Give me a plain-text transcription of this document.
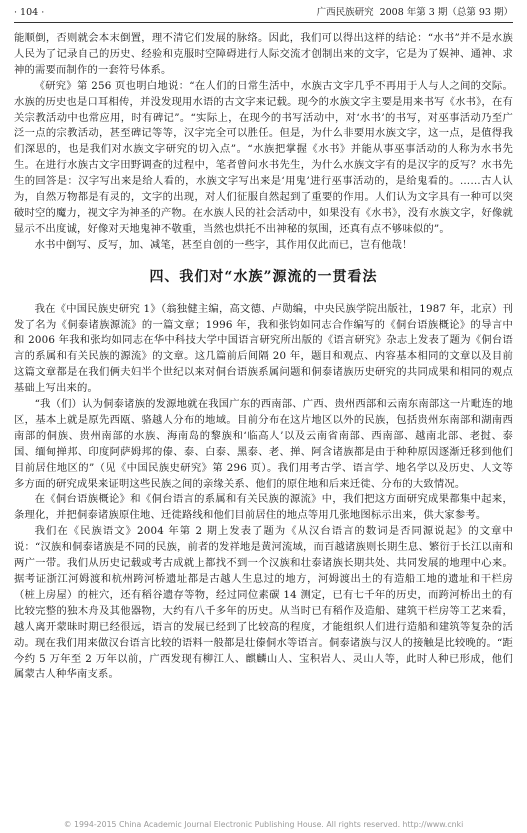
· 104 ·	广西民族研究 2008 年第 3 期（总第 93 期）

能顺倒，否则就会本末倒置，理不清它们发展的脉络。因此，我们可以得出这样的结论：“水书”并不是水族人民为了记录自己的历史、经验和克服时空障碍进行人际交流才创制出来的文字，它是为了娱神、通神、求神的需要而制作的一套符号体系。

《研究》第 256 页也明白地说：“在人们的日常生活中，水族古文字几乎不再用于人与人之间的交际。水族的历史也是口耳相传，并没发现用水语的古文字来记载。现今的水族文字主要是用来书写《水书》，在有关宗教活动中也常应用，时有碑记”。“实际上，在现今的书写活动中，对‘水书’的书写，对巫事活动乃至广泛一点的宗教活动，甚至碑记等等，汉字完全可以胜任。但是，为什么非要用水族文字，这一点，是值得我们深思的，也是我们对水族文字研究的切入点”。“水族把掌握《水书》并能从事巫事活动的人称为水书先生。在进行水族古文字田野调查的过程中，笔者曾问水书先生，为什么水族文字有的是汉字的反写？水书先生的回答是：汉字写出来是给人看的，水族文字写出来是‘用鬼’进行巫事活动的，是给鬼看的。……古人认为，自然万物都是有灵的，文字的出现，对人们征服自然起到了重要的作用。人们认为文字具有一种可以突破时空的魔力，视文字为神圣的产物。在水族人民的社会活动中，如果没有《水书》，没有水族文字，好像就显示不出度诚，好像对天地鬼神不敬重，当然也烘托不出神秘的氛围，还真有点不够味似的”。

水书中倒写、反写，加、减笔，甚至自创的一些字，其作用仅此而已，岂有他哉！

四、我们对“水族”源流的一贯看法

我在《中国民族史研究 1》（翁独健主编，高文德、卢勋编，中央民族学院出版社，1987 年，北京）刊发了名为《侗泰诸族源流》的一篇文章；1996 年，我和张钧如同志合作编写的《侗台语族概论》的导言中和 2006 年我和张均如同志在华中科技大学中国语言研究所出版的《语言研究》杂志上发表了题为《侗台语言的系属和有关民族的源流》的文章。这几篇前后间隔 20 年，题目和观点、内容基本相同的文章以及目前这篇文章都是在我们俩夫妇半个世纪以来对侗台语族系属问题和侗泰诸族历史研究的共同成果和相同的观点基础上写出来的。

“我（们）认为侗泰诸族的发源地就在我国广东的西南部、广西、贵州西部和云南东南部这一片毗连的地区，基本上就是原先西瓯、骆越人分布的地域。目前分布在这片地区以外的民族，包括贵州东南部和湖南西南部的侗族、贵州南部的水族、海南岛的黎族和‘临高人’以及云南省南部、西南部、越南北部、老挝、泰国、缅甸掸邦、印度阿萨姆邦的傣、泰、白泰、黑泰、老、掸、阿含诸族都是由于种种原因逐渐迁移到他们目前居住地区的”（见《中国民族史研究》第 296 页）。我们用考古学、语言学、地名学以及历史、人文等多方面的研究成果来证明这些民族之间的亲缘关系、他们的原住地和后来迁徙、分布的大致情况。

在《侗台语族概论》和《侗台语言的系属和有关民族的源流》中，我们把这方面研究成果都集中起来，条理化，并把侗泰诸族原住地、迁徙路线和他们目前居住的地点等用几张地图标示出来，供大家参考。

我们在《民族语文》2004 年第 2 期上发表了题为《从汉台语言的数词是否同源说起》的文章中说：“汉族和侗泰诸族是不同的民族，前者的发祥地是黄河流域，而百越诸族则长期生息、繁衍于长江以南和两广一带。我们从历史记载或考古成就上都找不到一个汉族和壮泰诸族长期共处、共同发展的地理中心来。据考证浙江河姆渡和杭州跨河桥遗址都是古越人生息过的地方，河姆渡出土的有造船工地的遗址和干栏房（桩上房屋）的桩穴，还有稻谷遗存等物，经过同位素碳 14 测定，已有七千年的历史，而跨河桥出土的有比较完整的独木舟及其他器物，大约有八千多年的历史。从当时已有稻作及造船、建筑干栏房等工艺来看，越人离开蒙昧时期已经很远，语言的发展已经到了比较高的程度，才能组织人们进行造船和建筑等复杂的活动。现在我们用来做汉台语言比较的语料一般都是壮傣侗水等语言。侗泰诸族与汉人的接触是比较晚的。“距今约 5 万年至 2 万年以前，广西发现有柳江人、麒麟山人、宝积岩人、灵山人等，此时人种已形成，他们属蒙古人种华南支系。

© 1994-2015 China Academic Journal Electronic Publishing House. All rights reserved. http://www.cnki
